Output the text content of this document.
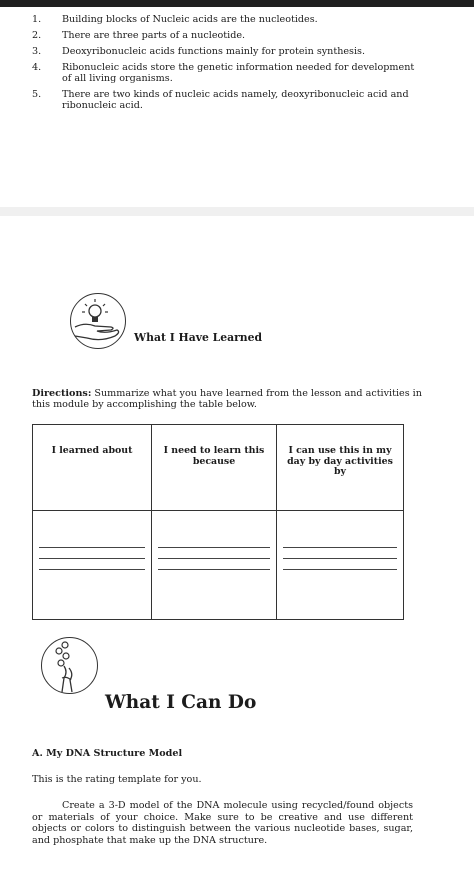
1.	Building blocks of Nucleic acids are the nucleotides.
2.	There are three parts of a nucleotide.
3.	Deoxyribonucleic acids functions mainly for protein synthesis.
4.	Ribonucleic acids store the genetic information needed for development of all living organisms.
5.	There are two kinds of nucleic acids namely, deoxyribonucleic acid and ribonucleic acid.
What I Have Learned
Directions: Summarize what you have learned from the lesson and activities in this module by accomplishing the table below.
I learned about	I need to learn this because	I can use this in my day by day activities by

What I Can Do
A. My DNA Structure Model
This is the rating template for you.
Create a 3-D model of the DNA molecule using recycled/found objects or materials of your choice. Make sure to be creative and use different objects or colors to distinguish between the various nucleotide bases, sugar, and phosphate that make up the DNA structure.
